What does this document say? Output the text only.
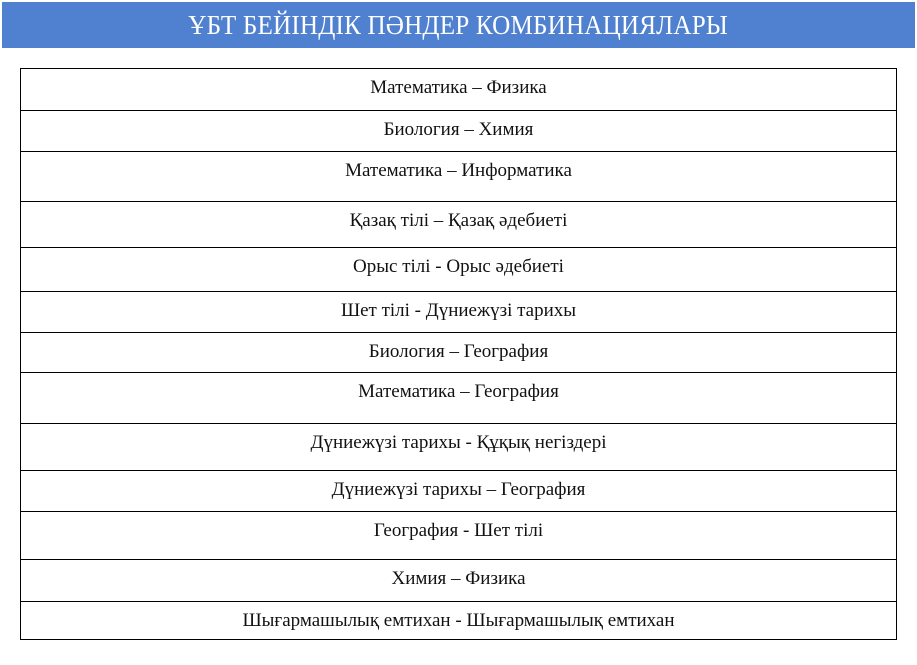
ҰБТ БЕЙІНДІК ПӘНДЕР КОМБИНАЦИЯЛАРЫ
Математика – Физика
Биология – Химия
Математика – Информатика
Қазақ тілі – Қазақ әдебиеті
Орыс тілі - Орыс әдебиеті
Шет тілі - Дүниежүзі тарихы
Биология – География
Математика – География
Дүниежүзі тарихы - Құқық негіздері
Дүниежүзі тарихы – География
География - Шет тілі
Химия – Физика
Шығармашылық емтихан - Шығармашылық емтихан
